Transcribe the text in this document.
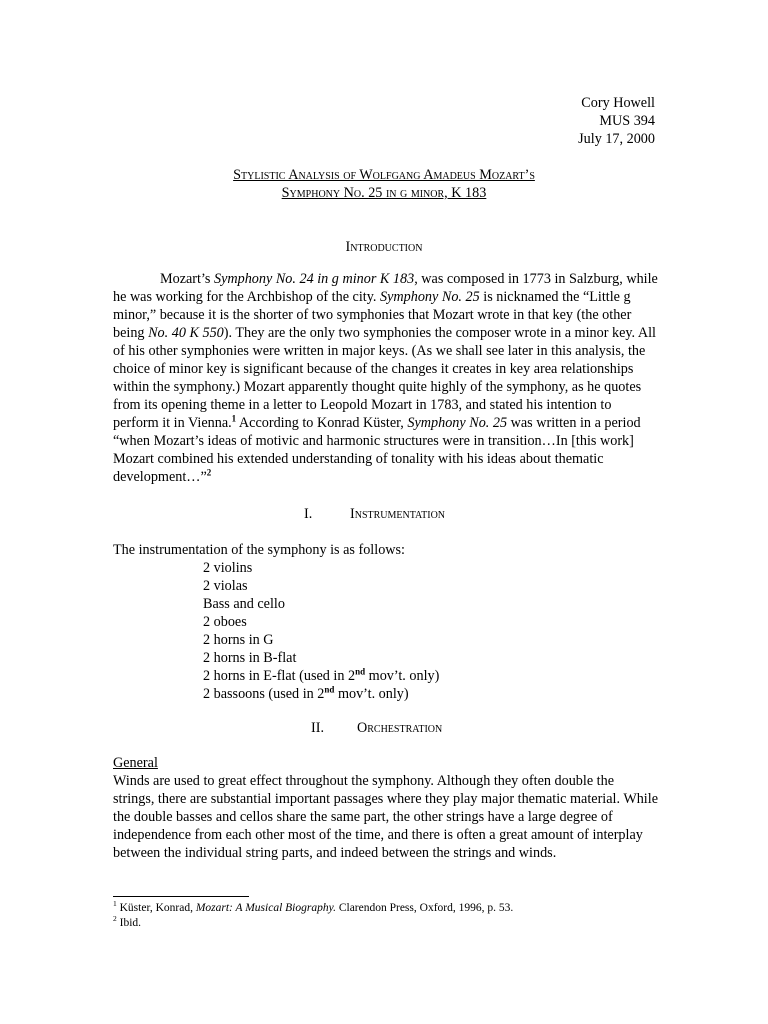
Cory Howell
MUS 394
July 17, 2000
Stylistic Analysis of Wolfgang Amadeus Mozart’s
Symphony No. 25 in g minor, K 183
Introduction
Mozart’s Symphony No. 24 in g minor K 183, was composed in 1773 in Salzburg, while he was working for the Archbishop of the city. Symphony No. 25 is nicknamed the “Little g minor,” because it is the shorter of two symphonies that Mozart wrote in that key (the other being No. 40 K 550). They are the only two symphonies the composer wrote in a minor key. All of his other symphonies were written in major keys. (As we shall see later in this analysis, the choice of minor key is significant because of the changes it creates in key area relationships within the symphony.) Mozart apparently thought quite highly of the symphony, as he quotes from its opening theme in a letter to Leopold Mozart in 1783, and stated his intention to perform it in Vienna.$^1$ According to Konrad Küster, Symphony No. 25 was written in a period “when Mozart’s ideas of motivic and harmonic structures were in transition…In [this work] Mozart combined his extended understanding of tonality with his ideas about thematic development…”$^2$
I.	Instrumentation
The instrumentation of the symphony is as follows:
2 violins
2 violas
Bass and cello
2 oboes
2 horns in G
2 horns in B-flat
2 horns in E-flat (used in 2nd mov’t. only)
2 bassoons (used in 2nd mov’t. only)
II. Orchestration
General
Winds are used to great effect throughout the symphony. Although they often double the strings, there are substantial important passages where they play major thematic material. While the double basses and cellos share the same part, the other strings have a large degree of independence from each other most of the time, and there is often a great amount of interplay between the individual string parts, and indeed between the strings and winds.
$^1$ Küster, Konrad, Mozart: A Musical Biography. Clarendon Press, Oxford, 1996, p. 53.
$^2$ Ibid.
